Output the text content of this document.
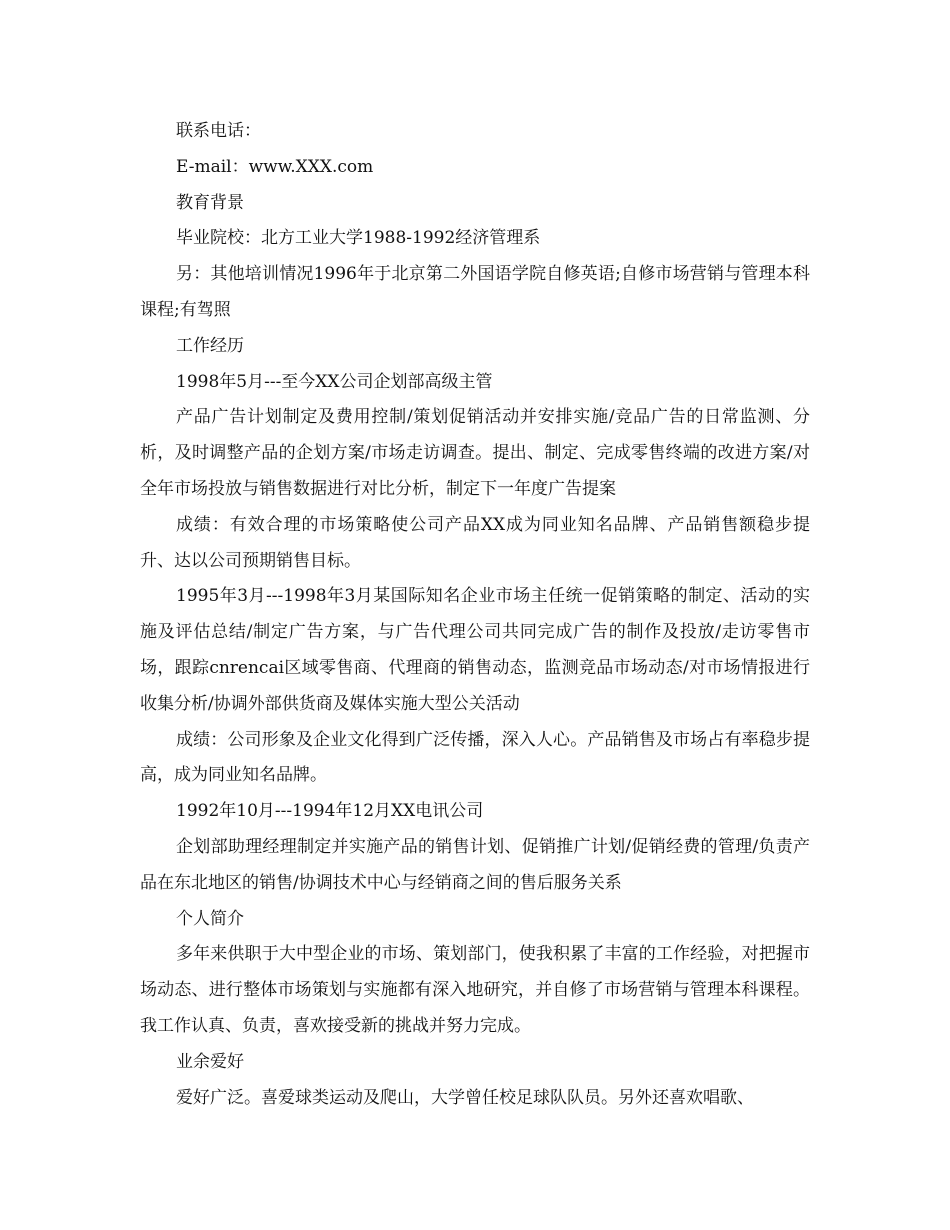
联系电话：

E-mail：www.XXX.com

教育背景

毕业院校：北方工业大学1988-1992经济管理系

另：其他培训情况1996年于北京第二外国语学院自修英语;自修市场营销与管理本科课程;有驾照

工作经历

1998年5月---至今XX公司企划部高级主管

产品广告计划制定及费用控制/策划促销活动并安排实施/竞品广告的日常监测、分析，及时调整产品的企划方案/市场走访调查。提出、制定、完成零售终端的改进方案/对全年市场投放与销售数据进行对比分析，制定下一年度广告提案

成绩：有效合理的市场策略使公司产品XX成为同业知名品牌、产品销售额稳步提升、达以公司预期销售目标。

1995年3月---1998年3月某国际知名企业市场主任统一促销策略的制定、活动的实施及评估总结/制定广告方案，与广告代理公司共同完成广告的制作及投放/走访零售市场，跟踪cnrencai区域零售商、代理商的销售动态，监测竞品市场动态/对市场情报进行收集分析/协调外部供货商及媒体实施大型公关活动

成绩：公司形象及企业文化得到广泛传播，深入人心。产品销售及市场占有率稳步提高，成为同业知名品牌。

1992年10月---1994年12月XX电讯公司

企划部助理经理制定并实施产品的销售计划、促销推广计划/促销经费的管理/负责产品在东北地区的销售/协调技术中心与经销商之间的售后服务关系

个人简介

多年来供职于大中型企业的市场、策划部门，使我积累了丰富的工作经验，对把握市场动态、进行整体市场策划与实施都有深入地研究，并自修了市场营销与管理本科课程。我工作认真、负责，喜欢接受新的挑战并努力完成。

业余爱好

爱好广泛。喜爱球类运动及爬山，大学曾任校足球队队员。另外还喜欢唱歌、
